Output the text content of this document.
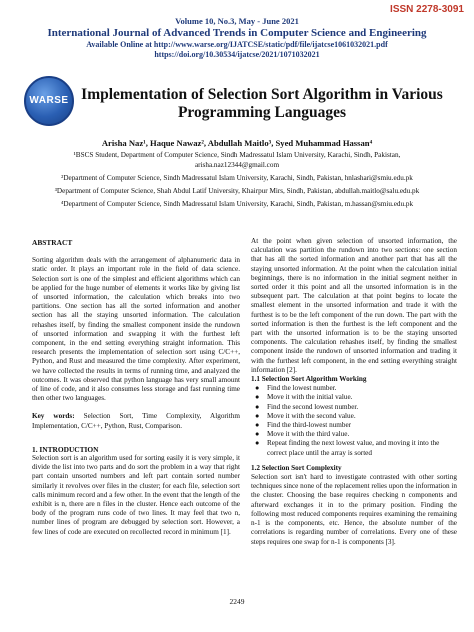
ISSN 2278-3091
Volume 10, No.3, May - June 2021
International Journal of Advanced Trends in Computer Science and Engineering
Available Online at http://www.warse.org/IJATCSE/static/pdf/file/ijatcse1061032021.pdf
https://doi.org/10.30534/ijatcse/2021/1071032021
WARSE Implementation of Selection Sort Algorithm in Various
Programming Languages
Arisha Naz¹, Haque Nawaz², Abdullah Maitlo³, Syed Muhammad Hassan⁴

¹BSCS Student, Department of Computer Science, Sindh Madressatul Islam University, Karachi, Sindh, Pakistan, arisha.naz12344@gmail.com

²Department of Computer Science, Sindh Madressatul Islam University, Karachi, Sindh, Pakistan, hnlashari@smiu.edu.pk

³Department of Computer Science, Shah Abdul Latif University, Khairpur Mirs, Sindh, Pakistan, abdullah.maitlo@salu.edu.pk

⁴Department of Computer Science, Sindh Madressatul Islam University, Karachi, Sindh, Pakistan, m.hassan@smiu.edu.pk

ABSTRACT

Sorting algorithm deals with the arrangement of alphanumeric data in static order. It plays an important role in the field of data science. Selection sort is one of the simplest and efficient algorithms which can be applied for the huge number of elements it works like by giving list of unsorted information, the calculation which breaks into two partitions. One section has all the sorted information and another section has all the staying unsorted information. The calculation rehashes itself, by finding the smallest component inside the rundown of unsorted information and swapping it with the furthest left component, in the end setting everything straight information. This research presents the implementation of selection sort using C/C++, Python, and Rust and measured the time complexity. After experiment, we have collected the results in terms of running time, and analyzed the outcomes. It was observed that python language has very small amount of line of code, and it also consumes less storage and fast running time then other two languages.

Key words: Selection Sort, Time Complexity, Algorithm Implementation, C/C++, Python, Rust, Comparison.

1. INTRODUCTION

Selection sort is an algorithm used for sorting easily it is very simple, it divide the list into two parts and do sort the problem in a way that right part contain unsorted numbers and left part contain sorted number similarly it revolves over files in the cluster; for each file, selection sort calls minimum record and a few other. In the event that the length of the exhibit is n, there are n files in the cluster. Hence each outcome of the body of the program runs code of two lines. It may feel that two n, number lines of program are debugged by selection sort. However, a few lines of code are executed on recollected record in minimum [1].

At the point when given selection of unsorted information, the calculation was partition the rundown into two sections: one section that has all the sorted information and another part that has all the staying unsorted information. At the point when the calculation initial beginnings, there is no information in the initial segment neither in sorted order it this point and all the unsorted information is in the subsequent part. The calculation at that point begins to locate the smallest element in the unsorted information and trade it with the furthest is to be the left component of the run down. The part with the sorted information is then the furthest is the left component and the part with the unsorted information is to be the staying unsorted components. The calculation rehashes itself, by finding the smallest component inside the rundown of unsorted information and trading it with the furthest left component, in the end setting everything straight information [2].

1.1 Selection Sort Algorithm Working

● Find the lowest number.
● Move it with the initial value.
● Find the second lowest number.
● Move it with the second value.
● Find the third-lowest number
● Move it with the third value.
● Repeat finding the next lowest value, and moving it into the correct place until the array is sorted

1.2 Selection Sort Complexity

Selection sort isn't hard to investigate contrasted with other sorting techniques since none of the replacement relies upon the information in the cluster. Choosing the base requires checking n components and afterward exchanges it in to the primary position. Finding the following most reduced components requires examining the remaining n-1 is the components, etc. Hence, the absolute number of the correlations is regarding number of correlations. Every one of these steps requires one swap for n-1 is components [3].

2249
